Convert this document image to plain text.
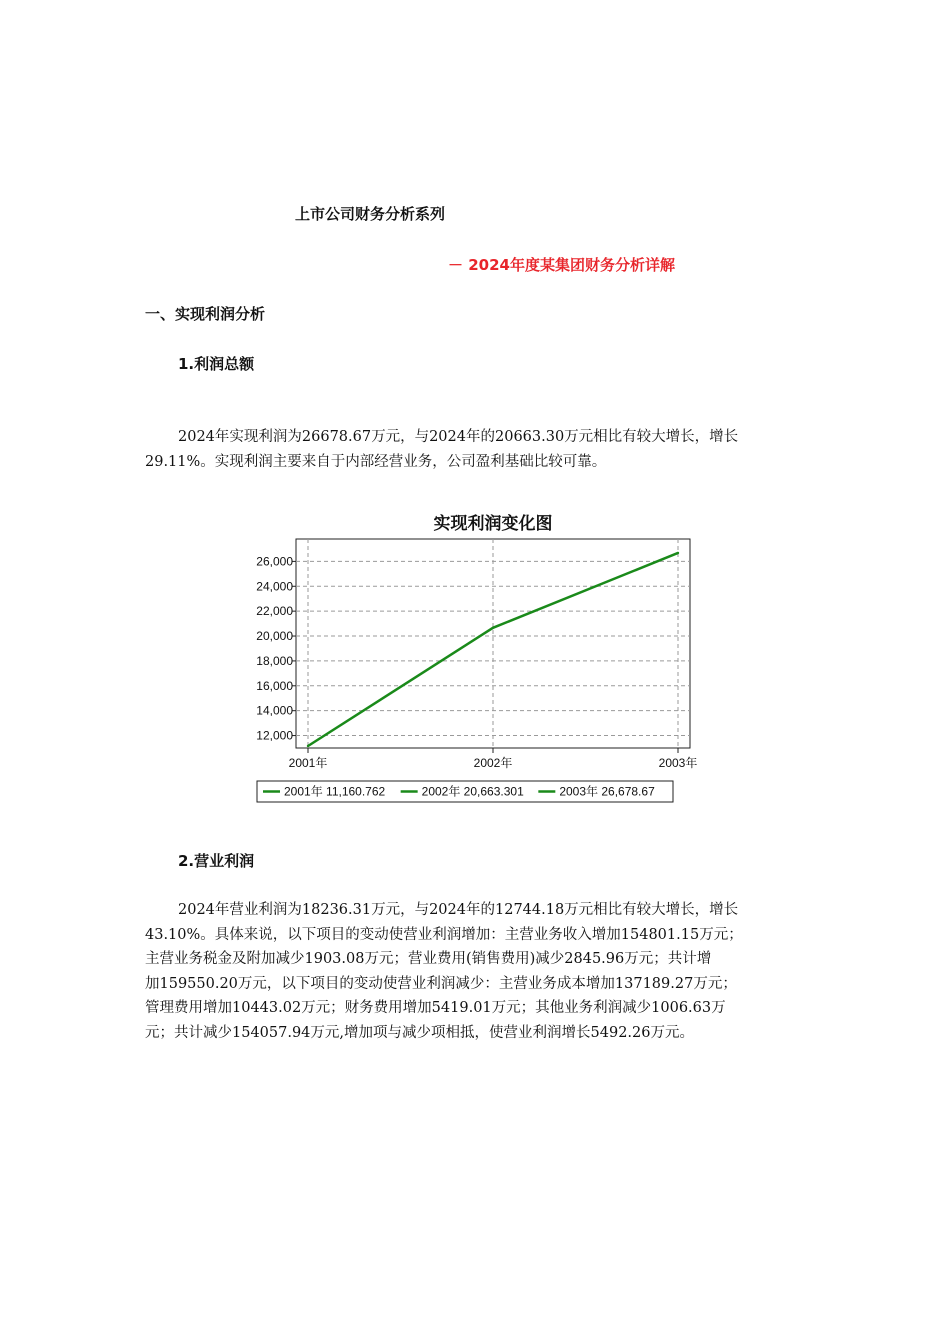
上市公司财务分析系列
－ 2024年度某集团财务分析详解
一、实现利润分析
1.利润总额
2024年实现利润为26678.67万元，与2024年的20663.30万元相比有较大增长，增长
29.11%。实现利润主要来自于内部经营业务，公司盈利基础比较可靠。
实现利润变化图
12,000
14,000
16,000
18,000
20,000
22,000
24,000
26,000
2001年	2002年	2003年
2001年 11,160.762	2002年 20,663.301	2003年 26,678.67
2.营业利润
2024年营业利润为18236.31万元，与2024年的12744.18万元相比有较大增长，增长
43.10%。具体来说，以下项目的变动使营业利润增加：主营业务收入增加154801.15万元；
主营业务税金及附加减少1903.08万元；营业费用(销售费用)减少2845.96万元；共计增
加159550.20万元，以下项目的变动使营业利润减少：主营业务成本增加137189.27万元；
管理费用增加10443.02万元；财务费用增加5419.01万元；其他业务利润减少1006.63万
元；共计减少154057.94万元,增加项与减少项相抵，使营业利润增长5492.26万元。
